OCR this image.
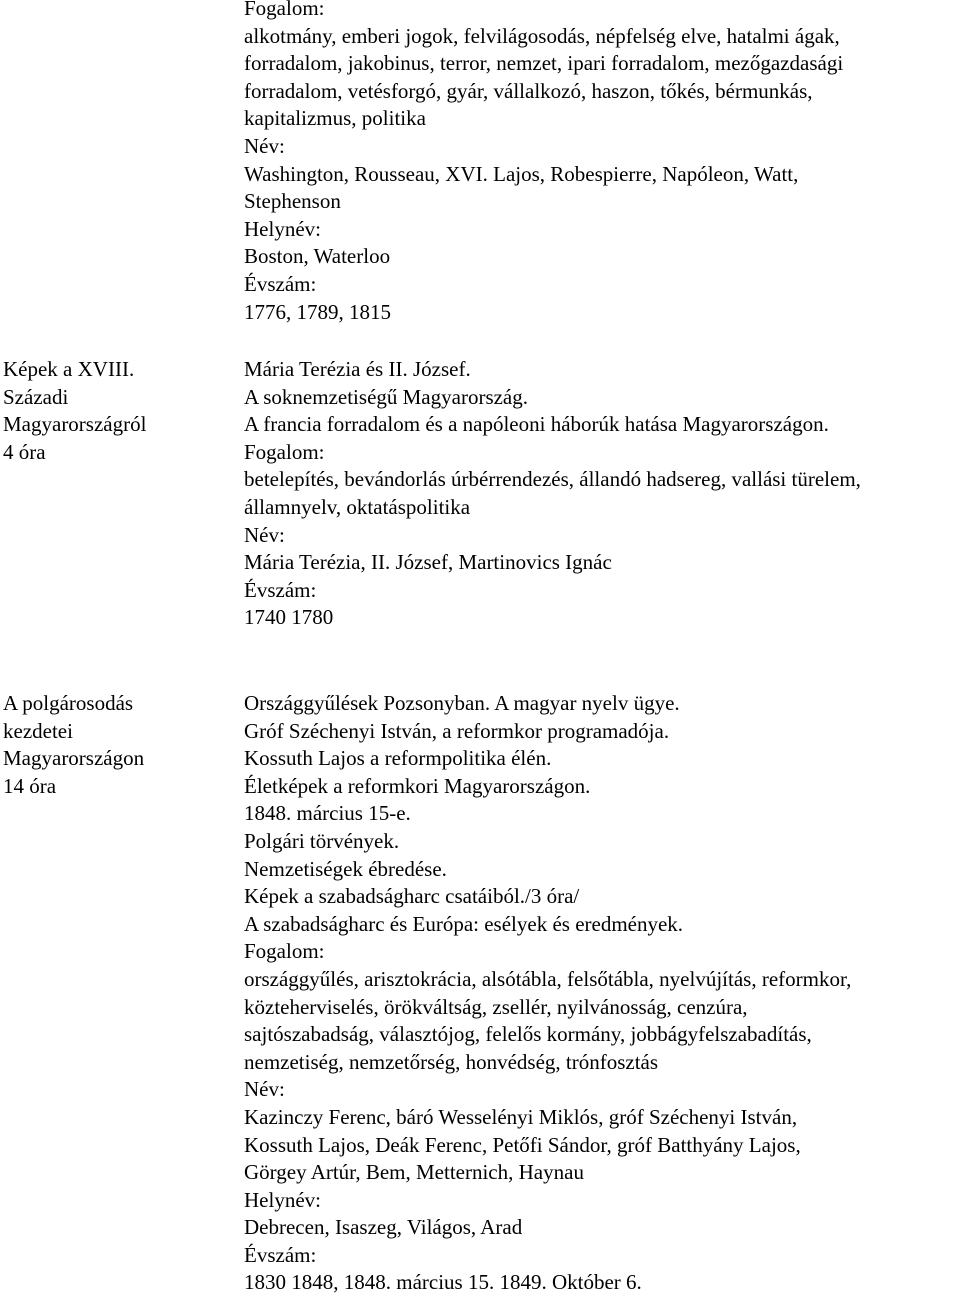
Fogalom:
alkotmány, emberi jogok, felvilágosodás, népfelség elve, hatalmi ágak,
forradalom, jakobinus, terror, nemzet, ipari forradalom, mezőgazdasági
forradalom, vetésforgó, gyár, vállalkozó, haszon, tőkés, bérmunkás,
kapitalizmus, politika
Név:
Washington, Rousseau, XVI. Lajos, Robespierre, Napóleon, Watt,
Stephenson
Helynév:
Boston, Waterloo
Évszám:
1776, 1789, 1815
Képek a XVIII.
Századi
Magyarországról
4 óra
Mária Terézia és II. József.
A soknemzetiségű Magyarország.
A francia forradalom és a napóleoni háborúk hatása Magyarországon.
Fogalom:
betelepítés, bevándorlás úrbérrendezés, állandó hadsereg, vallási türelem,
államnyelv, oktatáspolitika
Név:
Mária Terézia, II. József, Martinovics Ignác
Évszám:
1740 1780
A polgárosodás
kezdetei
Magyarországon
14 óra
Országgyűlések Pozsonyban. A magyar nyelv ügye.
Gróf Széchenyi István, a reformkor programadója.
Kossuth Lajos a reformpolitika élén.
Életképek a reformkori Magyarországon.
1848. március 15-e.
Polgári törvények.
Nemzetiségek ébredése.
Képek a szabadságharc csatáiból./3 óra/
A szabadságharc és Európa: esélyek és eredmények.
Fogalom:
országgyűlés, arisztokrácia, alsótábla, felsőtábla, nyelvújítás, reformkor,
közteherviselés, örökváltság, zsellér, nyilvánosság, cenzúra,
sajtószabadság, választójog, felelős kormány, jobbágyfelszabadítás,
nemzetiség, nemzetőrség, honvédség, trónfosztás
Név:
Kazinczy Ferenc, báró Wesselényi Miklós, gróf Széchenyi István,
Kossuth Lajos, Deák Ferenc, Petőfi Sándor, gróf Batthyány Lajos,
Görgey Artúr, Bem, Metternich, Haynau
Helynév:
Debrecen, Isaszeg, Világos, Arad
Évszám:
1830 1848, 1848. március 15. 1849. Október 6.
